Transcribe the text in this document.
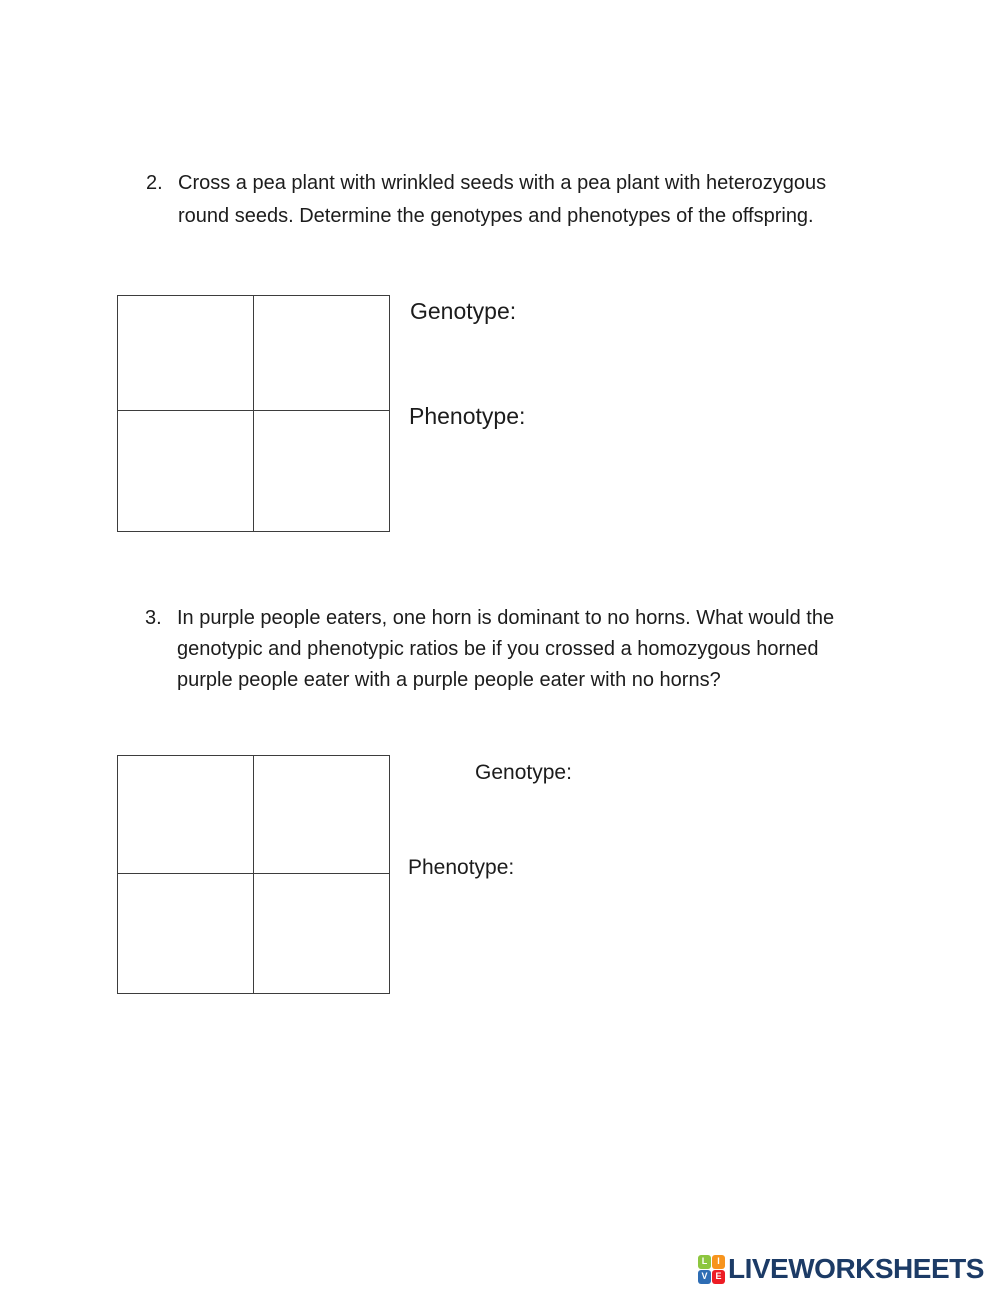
2. Cross a pea plant with wrinkled seeds with a pea plant with heterozygous
round seeds. Determine the genotypes and phenotypes of the offspring.
Genotype:
Phenotype:
3. In purple people eaters, one horn is dominant to no horns. What would the
genotypic and phenotypic ratios be if you crossed a homozygous horned
purple people eater with a purple people eater with no horns?
Genotype:
Phenotype:
L	I
V E LIVEWORKSHEETS
